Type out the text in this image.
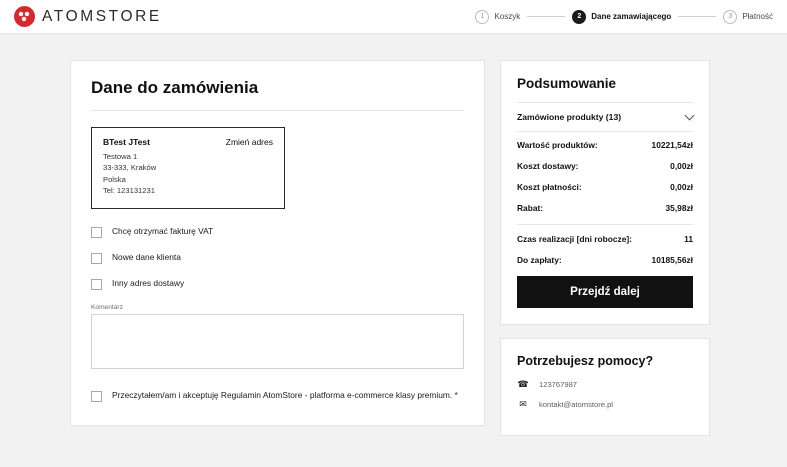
ATOMSTORE	1	Koszyk	2	Dane zamawiającego	3	Płatność
Dane do zamówienia
BTest JTest	Zmień adres
Testowa 1
33-333, Kraków
Polska
Tel: 123131231
Chcę otrzymać fakturę VAT
Nowe dane klienta
Inny adres dostawy
Komentarz
Przeczytałem/am i akceptuję Regulamin AtomStore - platforma e-commerce klasy premium. *
Podsumowanie
Zamówione produkty (13)
Wartość produktów:	10221,54zł
Koszt dostawy:	0,00zł
Koszt płatności:	0,00zł
Rabat:	35,98zł
Czas realizacji [dni robocze]:	11
Do zapłaty:	10185,56zł
Przejdź dalej
Potrzebujesz pomocy?
☎ 123767987
✉ kontakt@atomstore.pl
